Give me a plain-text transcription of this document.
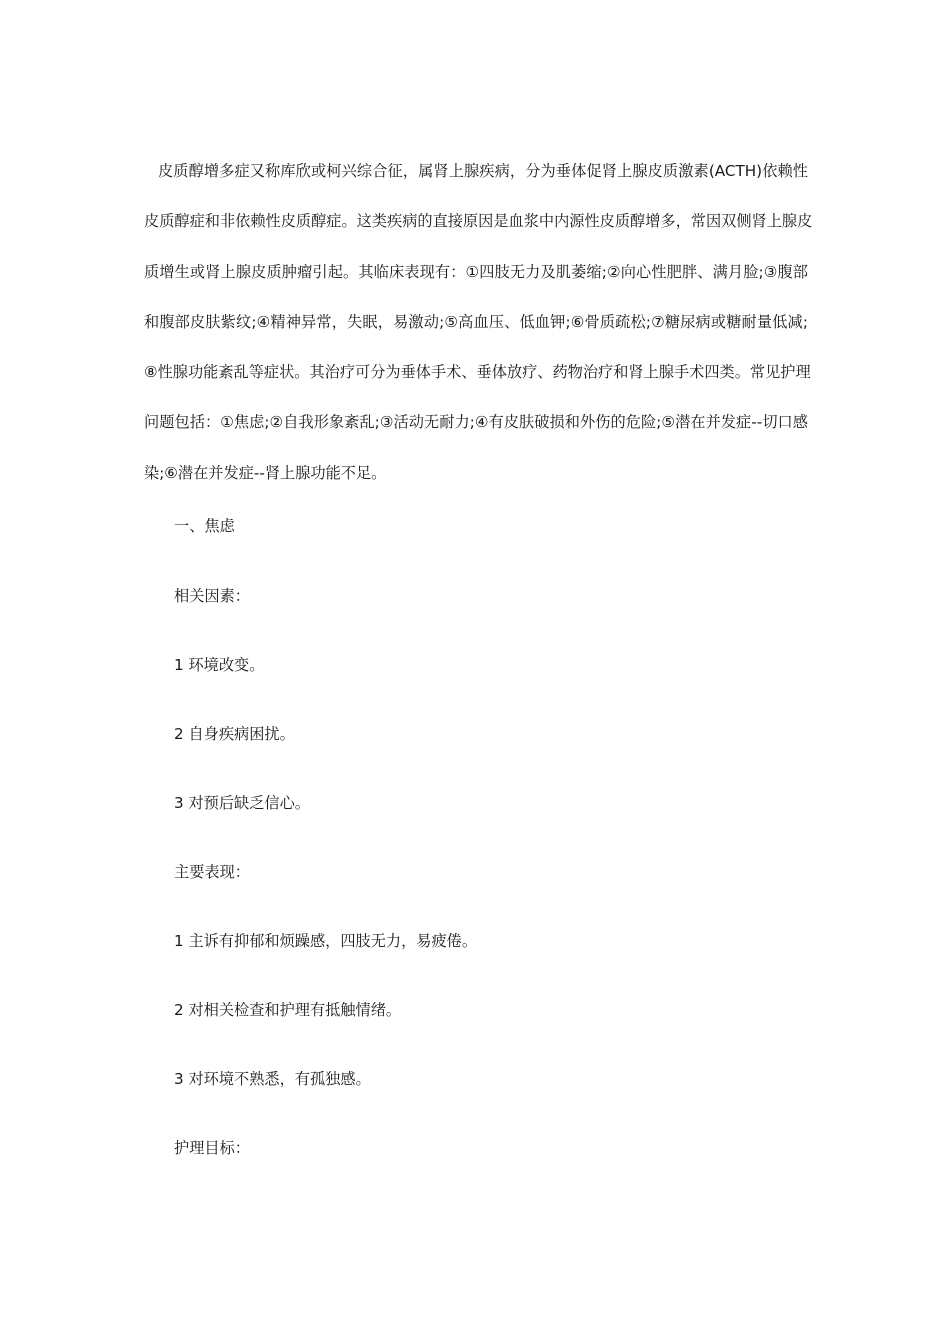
皮质醇增多症又称库欣或柯兴综合征，属肾上腺疾病，分为垂体促肾上腺皮质激素(ACTH)依赖性
皮质醇症和非依赖性皮质醇症。这类疾病的直接原因是血浆中内源性皮质醇增多，常因双侧肾上腺皮
质增生或肾上腺皮质肿瘤引起。其临床表现有：①四肢无力及肌萎缩;②向心性肥胖、满月脸;③腹部
和腹部皮肤紫纹;④精神异常，失眠，易激动;⑤高血压、低血钾;⑥骨质疏松;⑦糖尿病或糖耐量低减;
⑧性腺功能紊乱等症状。其治疗可分为垂体手术、垂体放疗、药物治疗和肾上腺手术四类。常见护理
问题包括：①焦虑;②自我形象紊乱;③活动无耐力;④有皮肤破损和外伤的危险;⑤潜在并发症--切口感
染;⑥潜在并发症--肾上腺功能不足。

一、焦虑

相关因素：

1 环境改变。

2 自身疾病困扰。

3 对预后缺乏信心。

主要表现：

1 主诉有抑郁和烦躁感，四肢无力，易疲倦。

2 对相关检查和护理有抵触情绪。

3 对环境不熟悉，有孤独感。

护理目标：
